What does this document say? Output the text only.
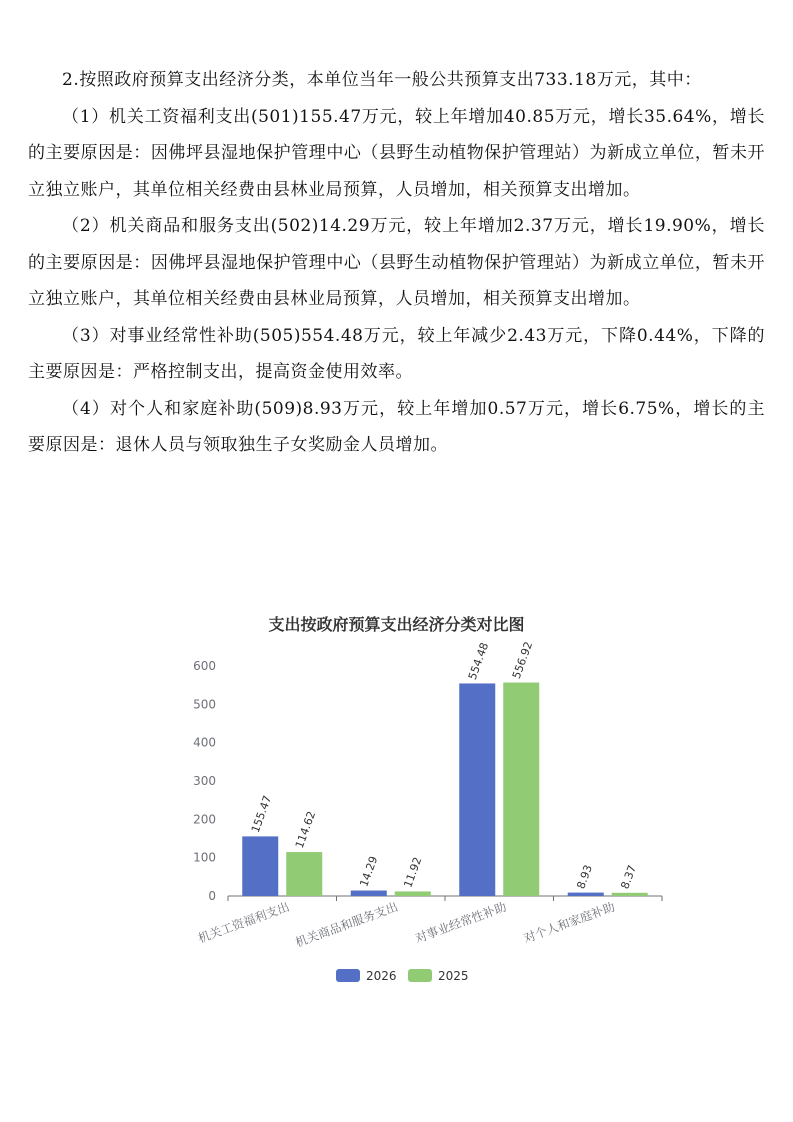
2.按照政府预算支出经济分类，本单位当年一般公共预算支出733.18万元，其中：

（1）机关工资福利支出(501)155.47万元，较上年增加40.85万元，增长35.64%，增长的主要原因是：因佛坪县湿地保护管理中心（县野生动植物保护管理站）为新成立单位，暂未开立独立账户，其单位相关经费由县林业局预算，人员增加，相关预算支出增加。

（2）机关商品和服务支出(502)14.29万元，较上年增加2.37万元，增长19.90%，增长的主要原因是：因佛坪县湿地保护管理中心（县野生动植物保护管理站）为新成立单位，暂未开立独立账户，其单位相关经费由县林业局预算，人员增加，相关预算支出增加。

（3）对事业经常性补助(505)554.48万元，较上年减少2.43万元，下降0.44%，下降的主要原因是：严格控制支出，提高资金使用效率。

（4）对个人和家庭补助(509)8.93万元，较上年增加0.57万元，增长6.75%，增长的主要原因是：退休人员与领取独生子女奖励金人员增加。

支出按政府预算支出经济分类对比图
0
100
200
300
400
500
600
机关工资福利支出
155.47 114.62
机关商品和服务支出
14.29 11.92
对事业经常性补助
554.48 556.92
对个人和家庭补助
8.93 8.37
2026	2025
